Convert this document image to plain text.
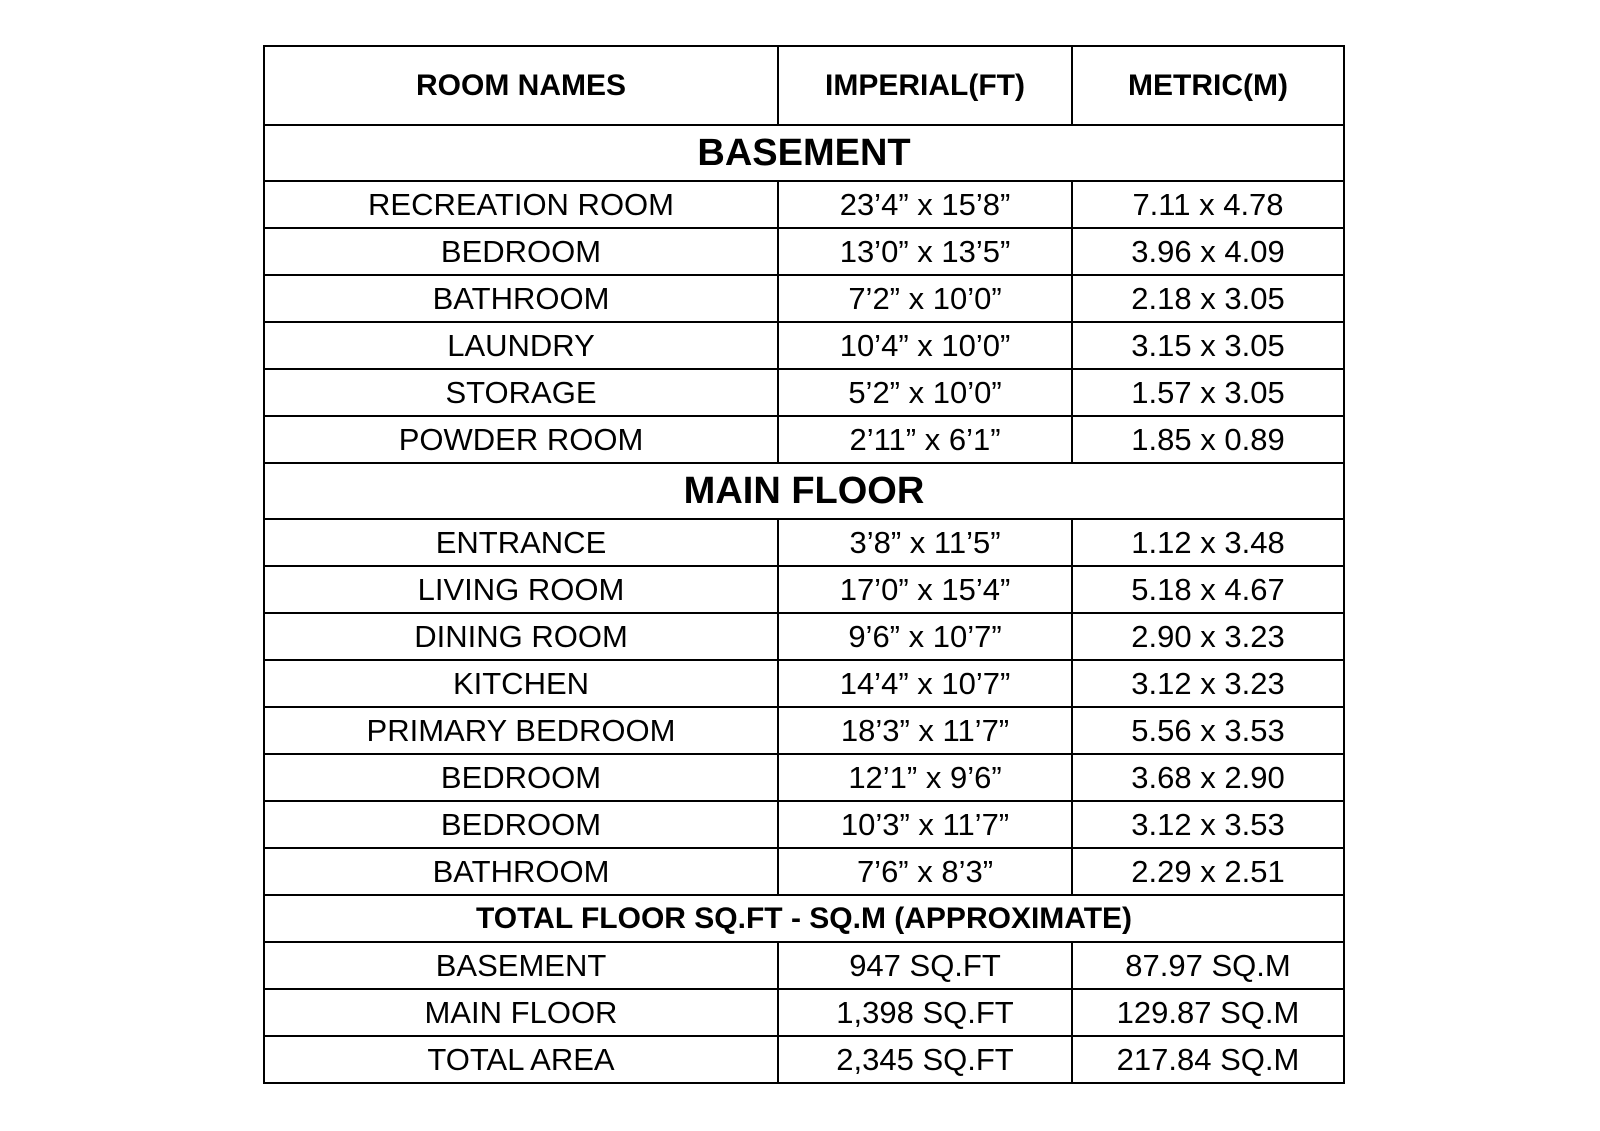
ROOM NAMES	IMPERIAL(FT)	METRIC(M)
BASEMENT		
RECREATION ROOM	23’4” x 15’8”	7.11 x 4.78
BEDROOM	13’0” x 13’5”	3.96 x 4.09
BATHROOM	7’2” x 10’0”	2.18 x 3.05
LAUNDRY	10’4” x 10’0”	3.15 x 3.05
STORAGE	5’2” x 10’0”	1.57 x 3.05
POWDER ROOM	2’11” x 6’1”	1.85 x 0.89
MAIN FLOOR		
ENTRANCE	3’8” x 11’5”	1.12 x 3.48
LIVING ROOM	17’0” x 15’4”	5.18 x 4.67
DINING ROOM	9’6” x 10’7”	2.90 x 3.23
KITCHEN	14’4” x 10’7”	3.12 x 3.23
PRIMARY BEDROOM	18’3” x 11’7”	5.56 x 3.53
BEDROOM	12’1” x 9’6”	3.68 x 2.90
BEDROOM	10’3” x 11’7”	3.12 x 3.53
BATHROOM	7’6” x 8’3”	2.29 x 2.51
TOTAL FLOOR SQ.FT - SQ.M (APPROXIMATE)		
BASEMENT	947 SQ.FT	87.97 SQ.M
MAIN FLOOR	1,398 SQ.FT	129.87 SQ.M
TOTAL AREA	2,345 SQ.FT	217.84 SQ.M
